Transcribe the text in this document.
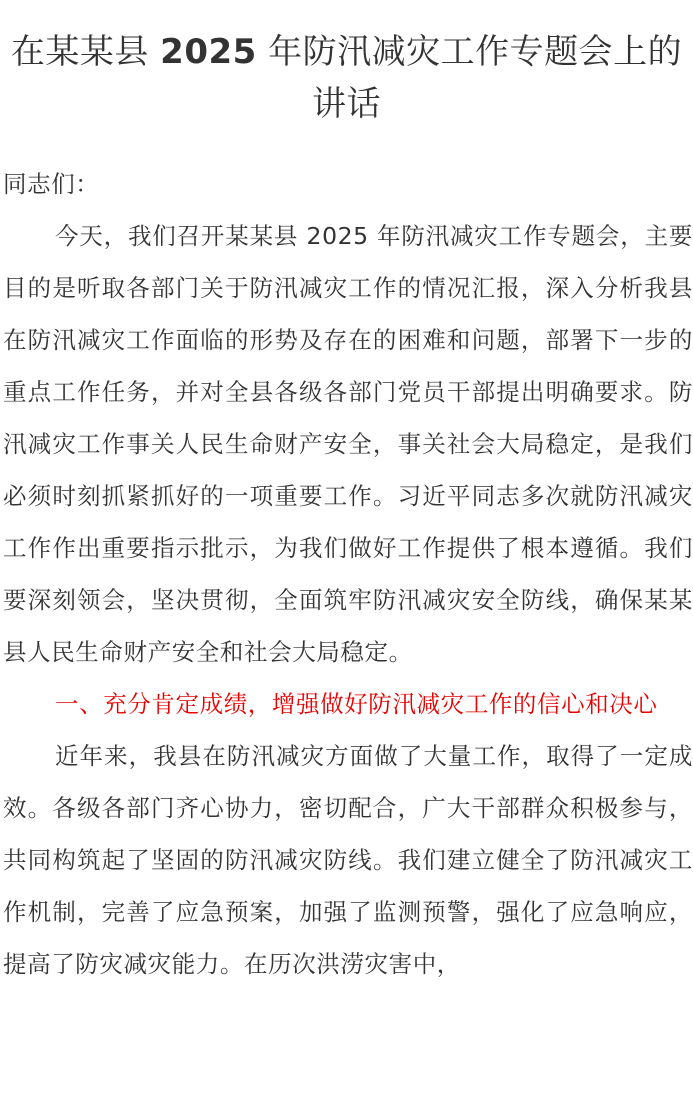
在某某县 2025 年防汛减灾工作专题会上的讲话

同志们：

今天，我们召开某某县 2025 年防汛减灾工作专题会，主要目的是听取各部门关于防汛减灾工作的情况汇报，深入分析我县在防汛减灾工作面临的形势及存在的困难和问题，部署下一步的重点工作任务，并对全县各级各部门党员干部提出明确要求。防汛减灾工作事关人民生命财产安全，事关社会大局稳定，是我们必须时刻抓紧抓好的一项重要工作。习近平同志多次就防汛减灾工作作出重要指示批示，为我们做好工作提供了根本遵循。我们要深刻领会，坚决贯彻，全面筑牢防汛减灾安全防线，确保某某县人民生命财产安全和社会大局稳定。

一、充分肯定成绩，增强做好防汛减灾工作的信心和决心

近年来，我县在防汛减灾方面做了大量工作，取得了一定成效。各级各部门齐心协力，密切配合，广大干部群众积极参与，共同构筑起了坚固的防汛减灾防线。我们建立健全了防汛减灾工作机制，完善了应急预案，加强了监测预警，强化了应急响应，提高了防灾减灾能力。在历次洪涝灾害中，
